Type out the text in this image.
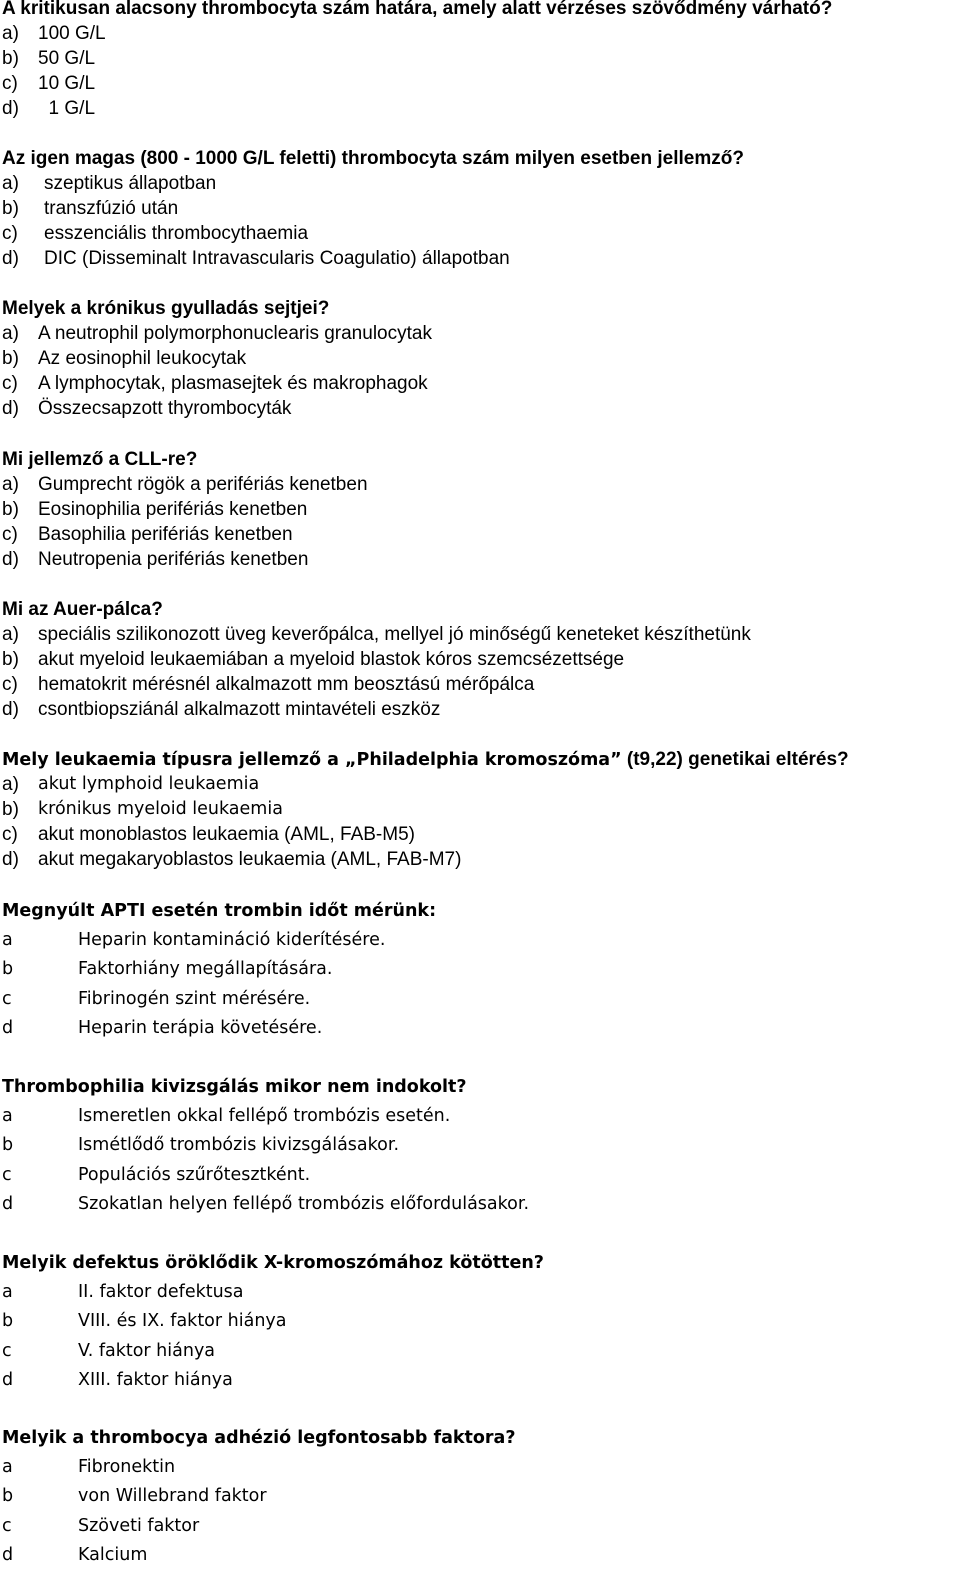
A kritikusan alacsony thrombocyta szám határa, amely alatt vérzéses szövődmény várható?
a) 100 G/L
b) 50 G/L
c) 10 G/L
d) 1 G/L
Az igen magas (800 - 1000 G/L feletti) thrombocyta szám milyen esetben jellemző?
a) szeptikus állapotban
b) transzfúzió után
c) esszenciális thrombocythaemia
d) DIC (Disseminalt Intravascularis Coagulatio) állapotban
Melyek a krónikus gyulladás sejtjei?
a) A neutrophil polymorphonuclearis granulocytak
b) Az eosinophil leukocytak
c) A lymphocytak, plasmasejtek és makrophagok
d) Összecsapzott thyrombocyták
Mi jellemző a CLL-re?
a) Gumprecht rögök a perifériás kenetben
b) Eosinophilia perifériás kenetben
c) Basophilia perifériás kenetben
d) Neutropenia perifériás kenetben
Mi az Auer-pálca?
a) speciális szilikonozott üveg keverőpálca, mellyel jó minőségű keneteket készíthetünk
b) akut myeloid leukaemiában a myeloid blastok kóros szemcsézettsége
c) hematokrit mérésnél alkalmazott mm beosztású mérőpálca
d) csontbiopsziánál alkalmazott mintavételi eszköz
Mely leukaemia típusra jellemző a „Philadelphia kromoszóma” (t9,22) genetikai eltérés?
a) akut lymphoid leukaemia
b) krónikus myeloid leukaemia
c) akut monoblastos leukaemia (AML, FAB-M5)
d) akut megakaryoblastos leukaemia (AML, FAB-M7)
Megnyúlt APTI esetén trombin időt mérünk:
a	Heparin kontamináció kiderítésére.
b	Faktorhiány megállapítására.
c	Fibrinogén szint mérésére.
d	Heparin terápia követésére.
Thrombophilia kivizsgálás mikor nem indokolt?
a	Ismeretlen okkal fellépő trombózis esetén.
b	Ismétlődő trombózis kivizsgálásakor.
c	Populációs szűrőtesztként.
d	Szokatlan helyen fellépő trombózis előfordulásakor.
Melyik defektus öröklődik X-kromoszómához kötötten?
a	II. faktor defektusa
b	VIII. és IX. faktor hiánya
c	V. faktor hiánya
d	XIII. faktor hiánya
Melyik a thrombocya adhézió legfontosabb faktora?
a	Fibronektin
b	von Willebrand faktor
c	Szöveti faktor
d	Kalcium
